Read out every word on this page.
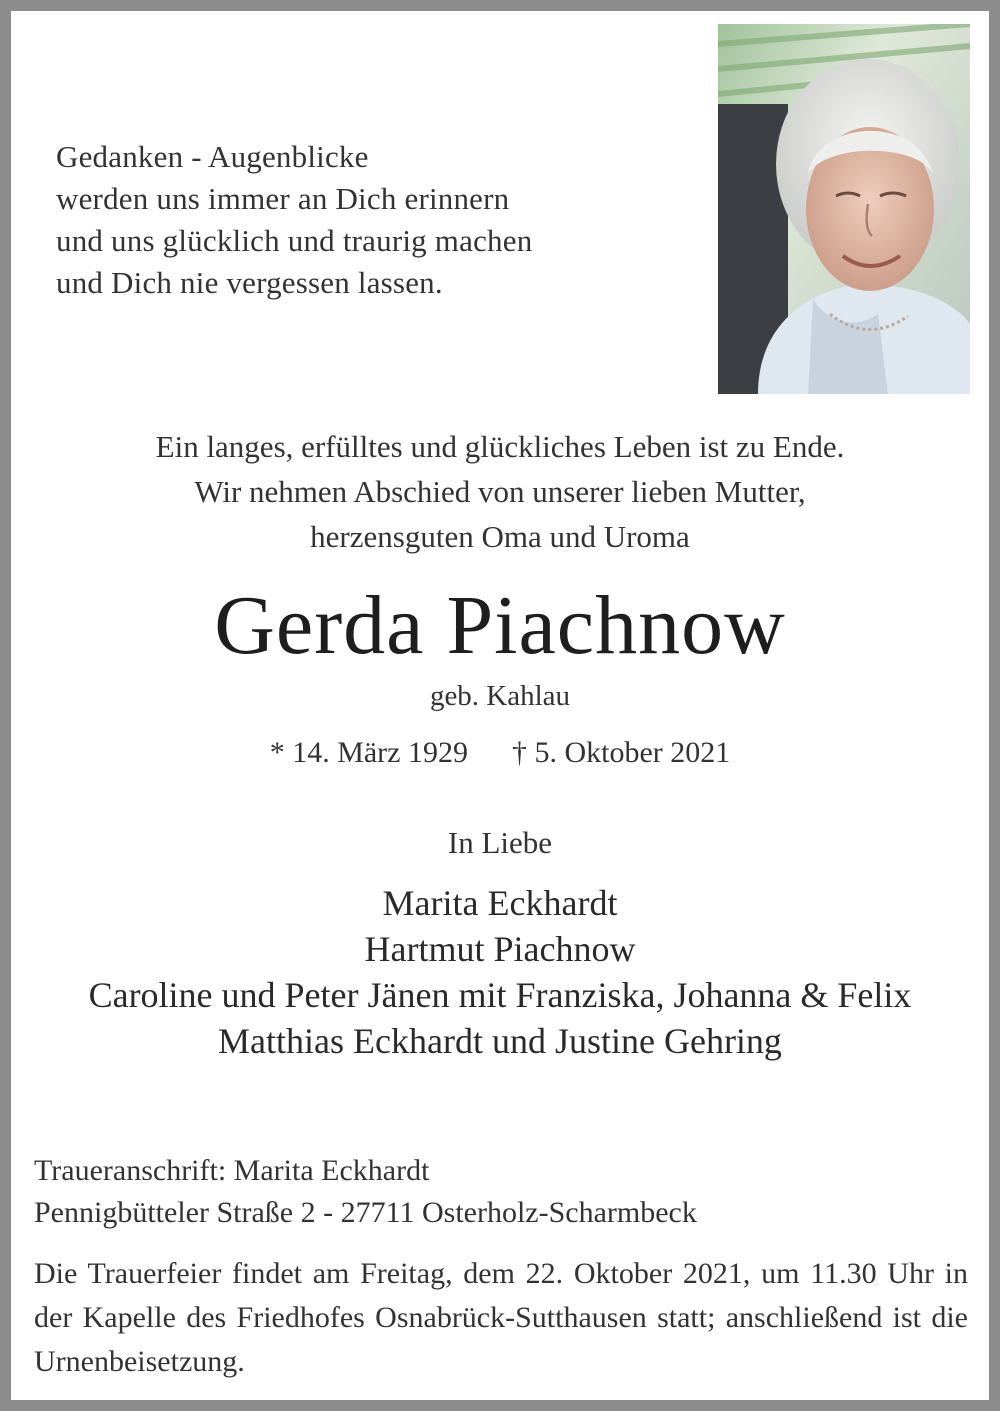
Gedanken - Augenblicke
werden uns immer an Dich erinnern
und uns glücklich und traurig machen
und Dich nie vergessen lassen.
Ein langes, erfülltes und glückliches Leben ist zu Ende.
Wir nehmen Abschied von unserer lieben Mutter,
herzensguten Oma und Uroma
Gerda Piachnow
geb. Kahlau
* 14. März 1929 † 5. Oktober 2021
In Liebe
Marita Eckhardt
Hartmut Piachnow
Caroline und Peter Jänen mit Franziska, Johanna & Felix
Matthias Eckhardt und Justine Gehring
Traueranschrift: Marita Eckhardt
Pennigbütteler Straße 2 - 27711 Osterholz-Scharmbeck
Die Trauerfeier findet am Freitag, dem 22. Oktober 2021, um 11.30 Uhr in der Kapelle des Friedhofes Osnabrück-Sutthausen statt; anschließend ist die Urnenbeisetzung.
